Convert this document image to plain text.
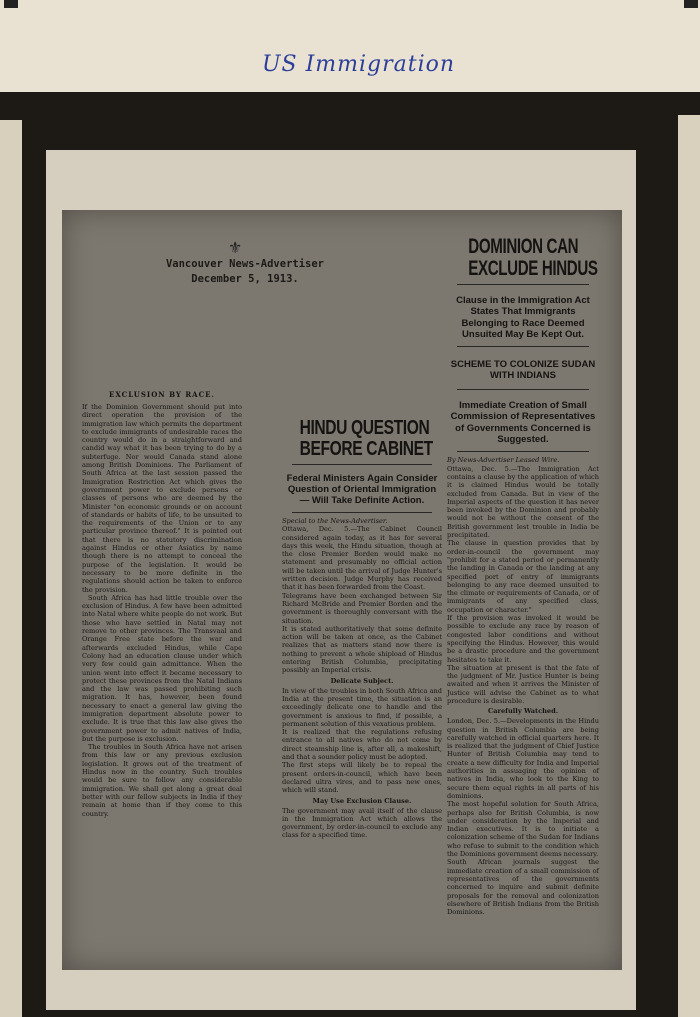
US Immigration
⚜
Vancouver News-Advertiser
December 5, 1913.
EXCLUSION BY RACE.
If the Dominion Government should put into direct operation the provision of the immigration law which permits the department to exclude immigrants of undesirable races the country would do in a straightforward and candid way what it has been trying to do by a subterfuge. Nor would Canada stand alone among British Dominions. The Parliament of South Africa at the last session passed the Immigration Restriction Act which gives the government power to exclude persons or classes of persons who are deemed by the Minister "on economic grounds or on account of standards or habits of life, to be unsuited to the requirements of the Union or to any particular province thereof." It is pointed out that there is no statutory discrimination against Hindus or other Asiatics by name though there is no attempt to conceal the purpose of the legislation. It would be necessary to be more definite in the regulations should action be taken to enforce the provision.
South Africa has had little trouble over the exclusion of Hindus. A few have been admitted into Natal where white people do not work. But those who have settled in Natal may not remove to other provinces. The Transvaal and Orange Free state before the war and afterwards excluded Hindus, while Cape Colony had an education clause under which very few could gain admittance. When the union went into effect it became necessary to protect these provinces from the Natal Indians and the law was passed prohibiting such migration. It has, however, been found necessary to enact a general law giving the immigration department absolute power to exclude. It is true that this law also gives the government power to admit natives of India, but the purpose is exclusion.
The troubles in South Africa have not arisen from this law or any previous exclusion legislation. It grows out of the treatment of Hindus now in the country. Such troubles would be sure to follow any considerable immigration. We shall get along a great deal better with our fellow subjects in India if they remain at home than if they come to this country.
HINDU QUESTION
BEFORE CABINET
Federal Ministers Again Consider Question of Oriental Immigration — Will Take Definite Action.
Special to the News-Advertiser.
Ottawa, Dec. 5.—The Cabinet Council considered again today, as it has for several days this week, the Hindu situation, though at the close Premier Borden would make no statement and presumably no official action will be taken until the arrival of Judge Hunter's written decision. Judge Murphy has received that it has been forwarded from the Coast.
Telegrams have been exchanged between Sir Richard McBride and Premier Borden and the government is thoroughly conversant with the situation.
It is stated authoritatively that some definite action will be taken at once, as the Cabinet realizes that as matters stand now there is nothing to prevent a whole shipload of Hindus entering British Columbia, precipitating possibly an Imperial crisis.
Delicate Subject.
In view of the troubles in both South Africa and India at the present time, the situation is an exceedingly delicate one to handle and the government is anxious to find, if possible, a permanent solution of this vexatious problem.
It is realized that the regulations refusing entrance to all natives who do not come by direct steamship line is, after all, a makeshift, and that a sounder policy must be adopted.
The first steps will likely be to repeal the present orders-in-council, which have been declared ultra vires, and to pass new ones, which will stand.
May Use Exclusion Clause.
The government may avail itself of the clause in the Immigration Act which allows the government, by order-in-council to exclude any class for a specified time.
DOMINION CAN
EXCLUDE HINDUS
Clause in the Immigration Act States That Immigrants Belonging to Race Deemed Unsuited May Be Kept Out.
SCHEME TO COLONIZE SUDAN WITH INDIANS
Immediate Creation of Small Commission of Representatives of Governments Concerned is Suggested.
By News-Advertiser Leased Wire.
Ottawa, Dec. 5.—The Immigration Act contains a clause by the application of which it is claimed Hindus would be totally excluded from Canada. But in view of the Imperial aspects of the question it has never been invoked by the Dominion and probably would not be without the consent of the British government lest trouble in India be precipitated.
The clause in question provides that by order-in-council the government may "prohibit for a stated period or permanently the landing in Canada or the landing at any specified port of entry of immigrants belonging to any race deemed unsuited to the climate or requirements of Canada, or of immigrants of any specified class, occupation or character."
If the provision was invoked it would be possible to exclude any race by reason of congested labor conditions and without specifying the Hindus. However, this would be a drastic procedure and the government hesitates to take it.
The situation at present is that the fate of the judgment of Mr. Justice Hunter is being awaited and when it arrives the Minister of Justice will advise the Cabinet as to what procedure is desirable.
Carefully Watched.
London, Dec. 5.—Developments in the Hindu question in British Columbia are being carefully watched in official quarters here. It is realized that the judgment of Chief Justice Hunter of British Columbia may tend to create a new difficulty for India and Imperial authorities in assuaging the opinion of natives in India, who look to the King to secure them equal rights in all parts of his dominions.
The most hopeful solution for South Africa, perhaps also for British Columbia, is now under consideration by the Imperial and Indian executives. It is to initiate a colonization scheme of the Sudan for Indians who refuse to submit to the condition which the Dominions government deems necessary.
South African journals suggest the immediate creation of a small commission of representatives of the governments concerned to inquire and submit definite proposals for the removal and colonization elsewhere of British Indians from the British Dominions.
